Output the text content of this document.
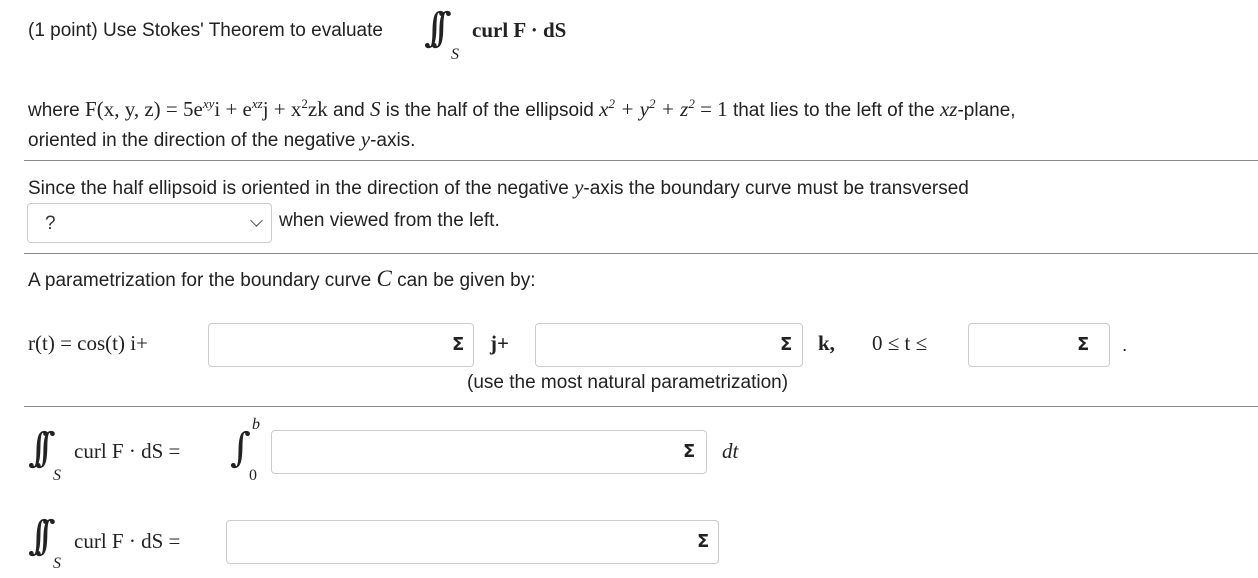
(1 point) Use Stokes' Theorem to evaluate ∫∫
S
curl F · dS
where F(x, y, $z) = 5e^{xy}i + e^{xz}j + x^2zk$ and S is the half of the ellipsoid $x^2 + y^2 + z^2 = 1$ that lies to the left of the xz-plane,
oriented in the direction of the negative y-axis.
Since the half ellipsoid is oriented in the direction of the negative y-axis the boundary curve must be transversed
?	when viewed from the left.
A parametrization for the boundary curve C can be given by:
r(t) = cos(t) i+	Σ j+	Σ k, 0 ≤ t ≤	Σ .
(use the most natural parametrization)
∫∫
S
curl F · dS = ∫
b
0
Σ dt
∫∫
S
curl F · dS =	Σ
